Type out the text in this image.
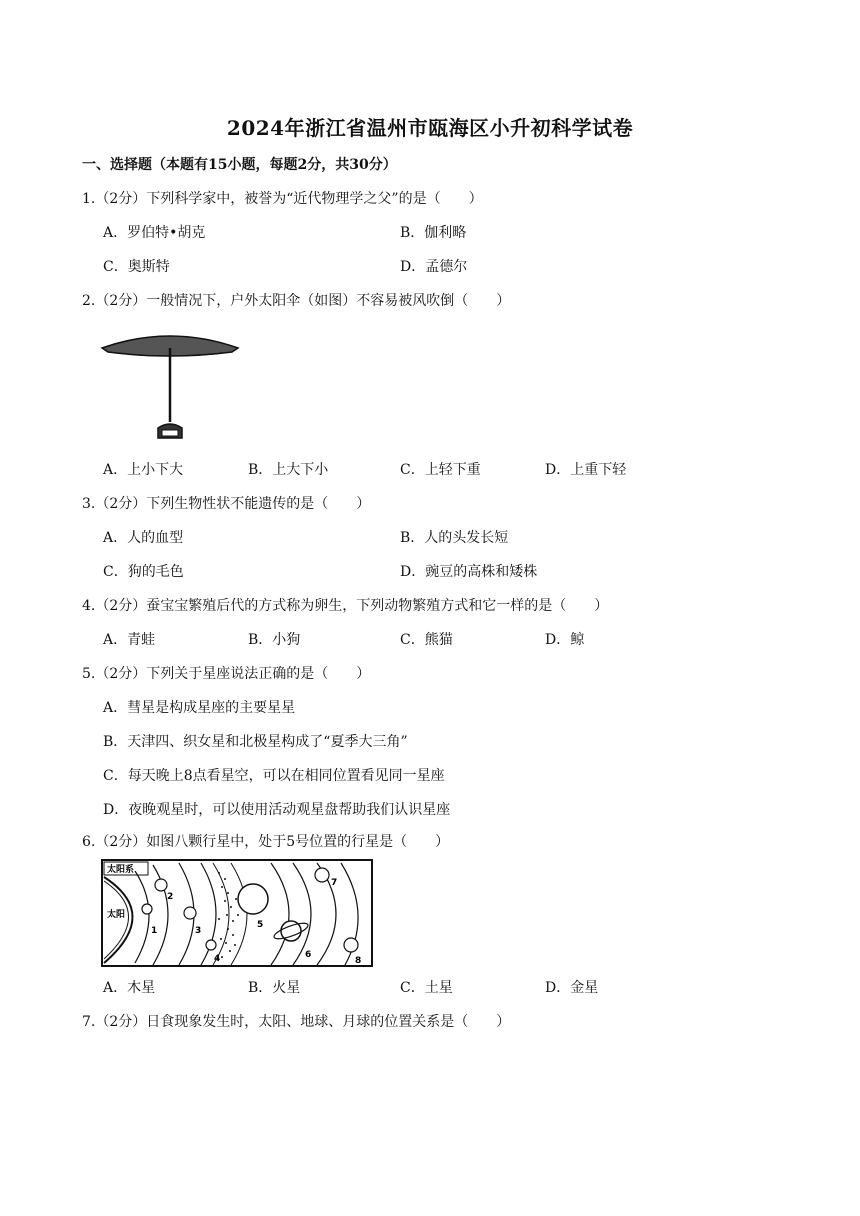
2024年浙江省温州市瓯海区小升初科学试卷
一、选择题（本题有15小题，每题2分，共30分）
1.（2分）下列科学家中，被誉为“近代物理学之父”的是（　　）
A．罗伯特•胡克	B．伽利略
C．奥斯特	D．孟德尔
2.（2分）一般情况下，户外太阳伞（如图）不容易被风吹倒（　　）
A．上小下大	B．上大下小	C．上轻下重	D．上重下轻
3.（2分）下列生物性状不能遗传的是（　　）
A．人的血型	B．人的头发长短
C．狗的毛色	D．豌豆的高株和矮株
4.（2分）蚕宝宝繁殖后代的方式称为卵生，下列动物繁殖方式和它一样的是（　　）
A．青蛙	B．小狗	C．熊猫	D．鲸
5.（2分）下列关于星座说法正确的是（　　）
A．彗星是构成星座的主要星星
B．天津四、织女星和北极星构成了“夏季大三角”
C．每天晚上8点看星空，可以在相同位置看见同一星座
D．夜晚观星时，可以使用活动观星盘帮助我们认识星座
6.（2分）如图八颗行星中，处于5号位置的行星是（　　）
太阳系
太阳
1
2
3
4
5
6
7
8
A．木星	B．火星	C．土星	D．金星
7.（2分）日食现象发生时，太阳、地球、月球的位置关系是（　　）
